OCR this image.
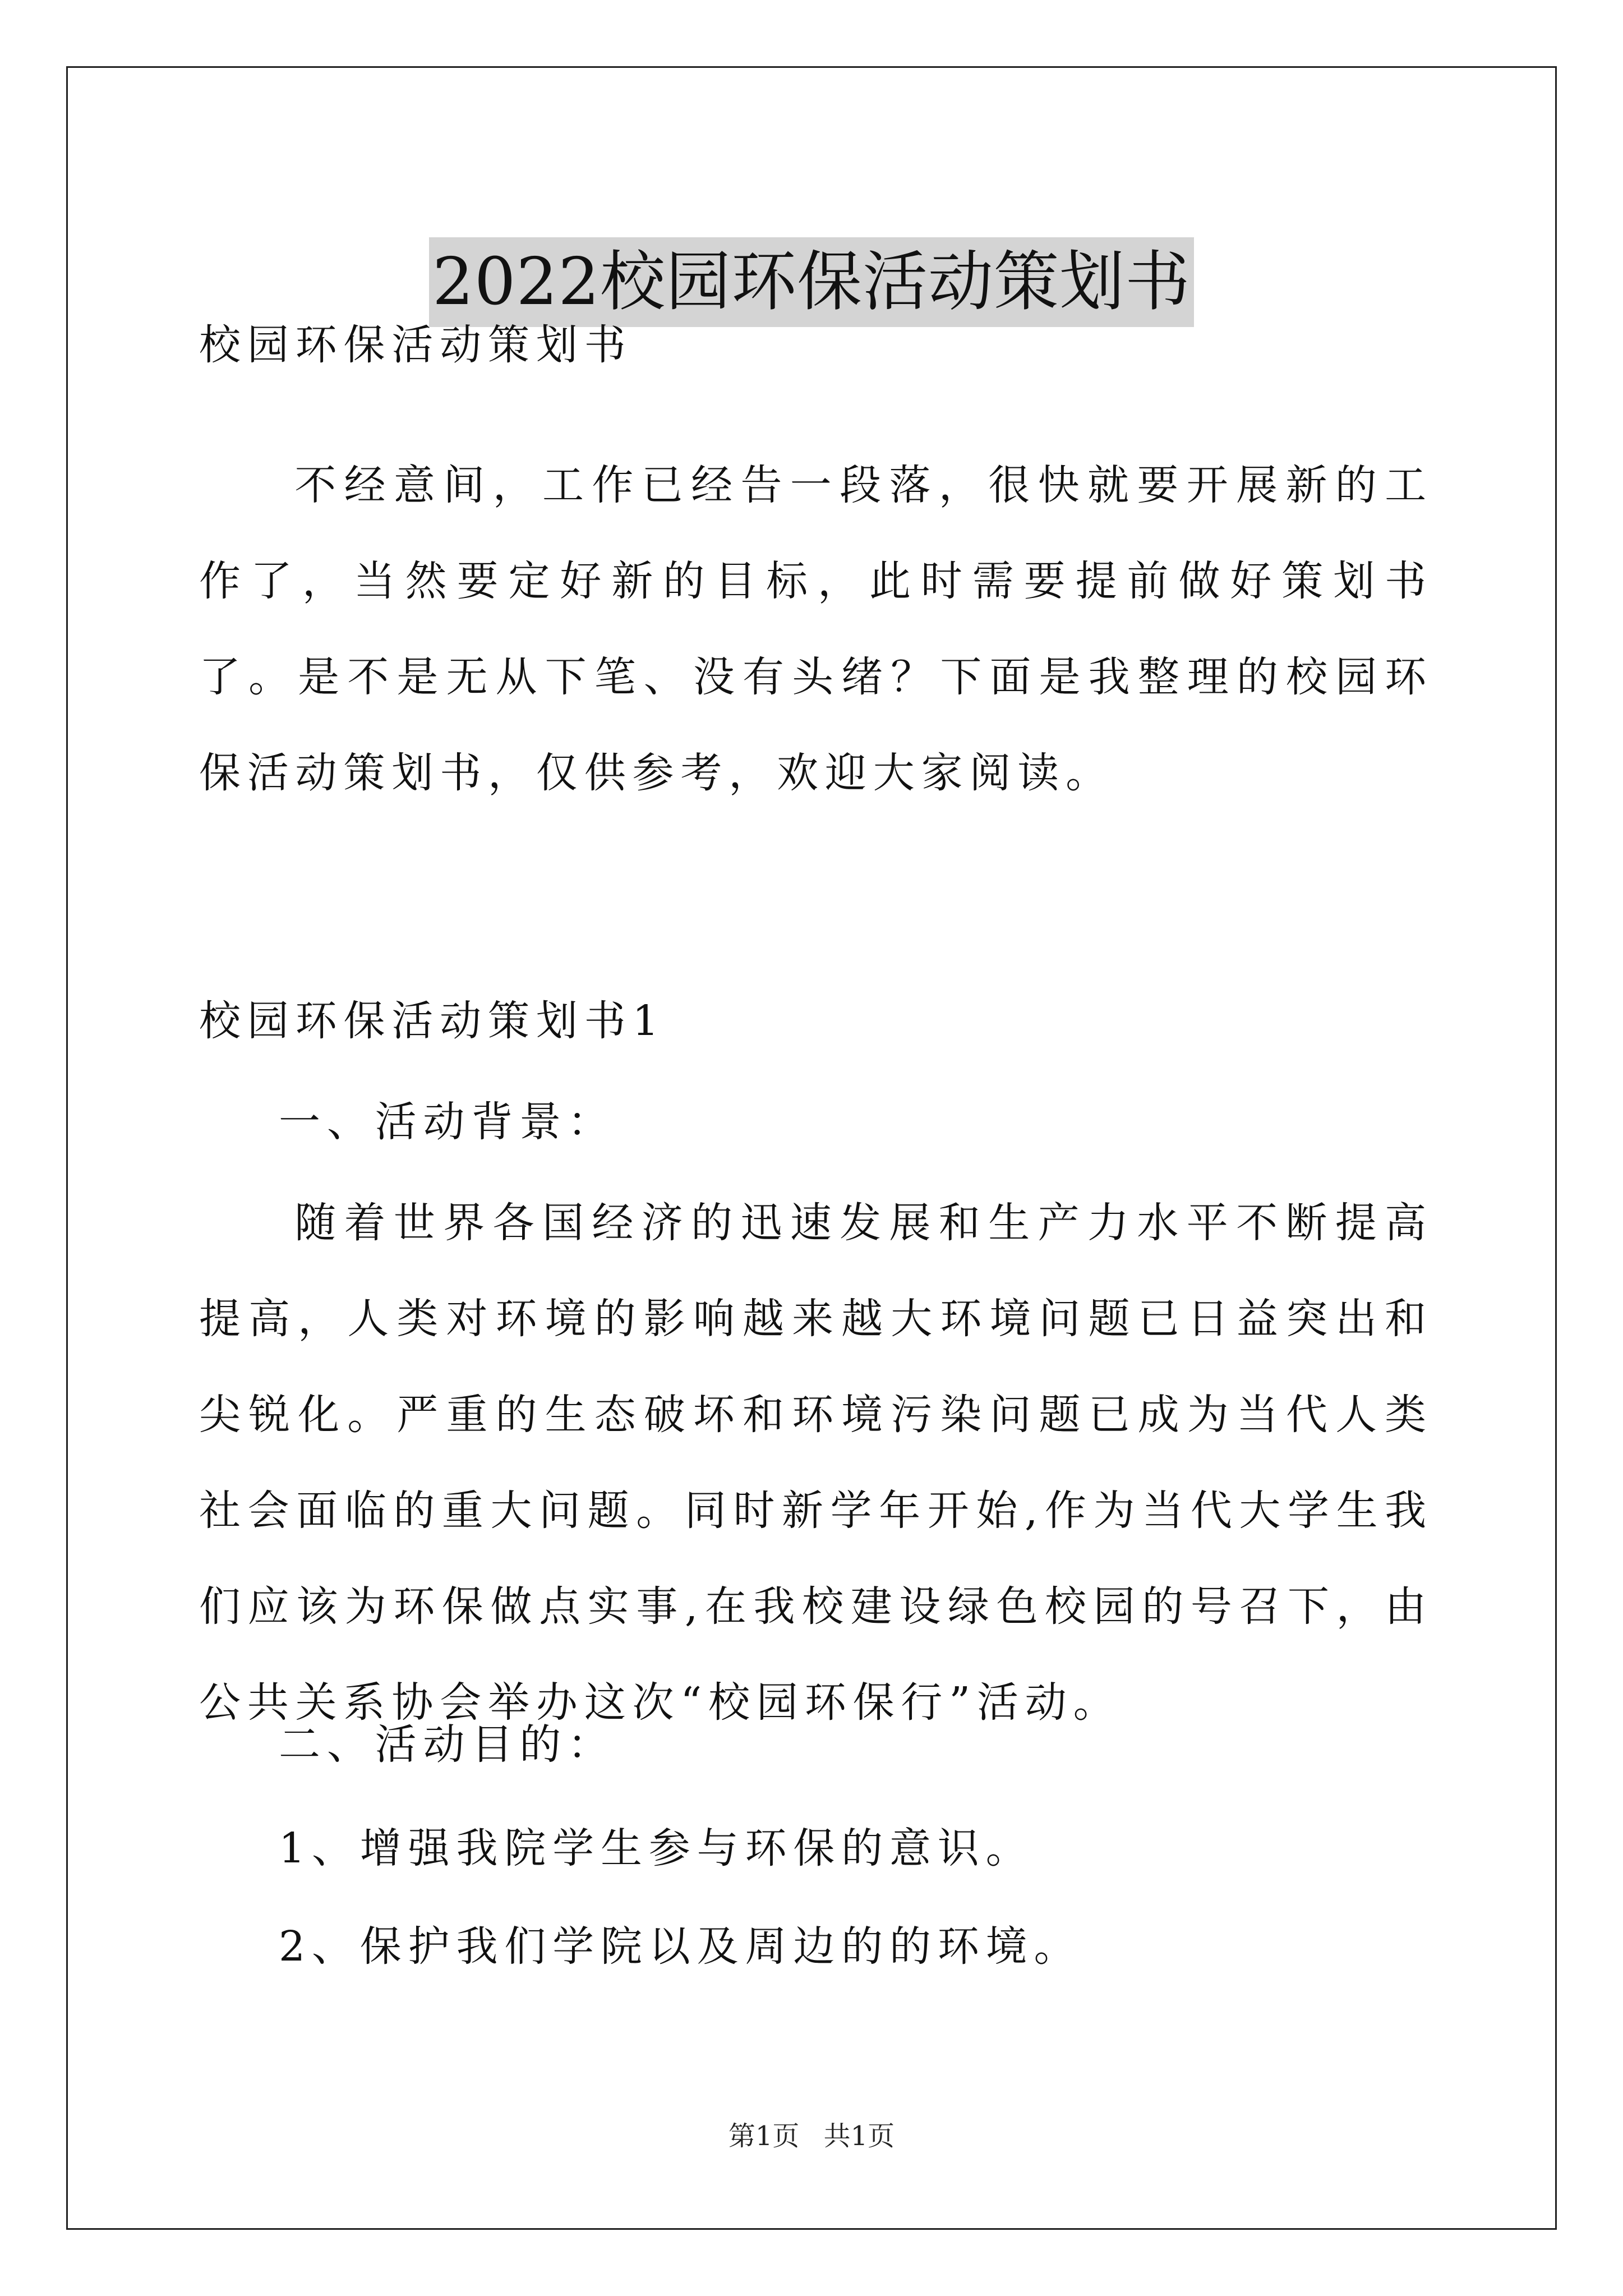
2022校园环保活动策划书
校园环保活动策划书

不经意间，工作已经告一段落，很快就要开展新的工作了，当然要定好新的目标，此时需要提前做好策划书了。是不是无从下笔、没有头绪？下面是我整理的校园环保活动策划书，仅供参考，欢迎大家阅读。

校园环保活动策划书1
一、活动背景：

随着世界各国经济的迅速发展和生产力水平不断提高提高，人类对环境的影响越来越大环境问题已日益突出和尖锐化。严重的生态破坏和环境污染问题已成为当代人类社会面临的重大问题。同时新学年开始,作为当代大学生我们应该为环保做点实事,在我校建设绿色校园的号召下，由公共关系协会举办这次“校园环保行”活动。

二、活动目的：
1、增强我院学生参与环保的意识。
2、保护我们学院以及周边的的环境。
第1页 共1页
